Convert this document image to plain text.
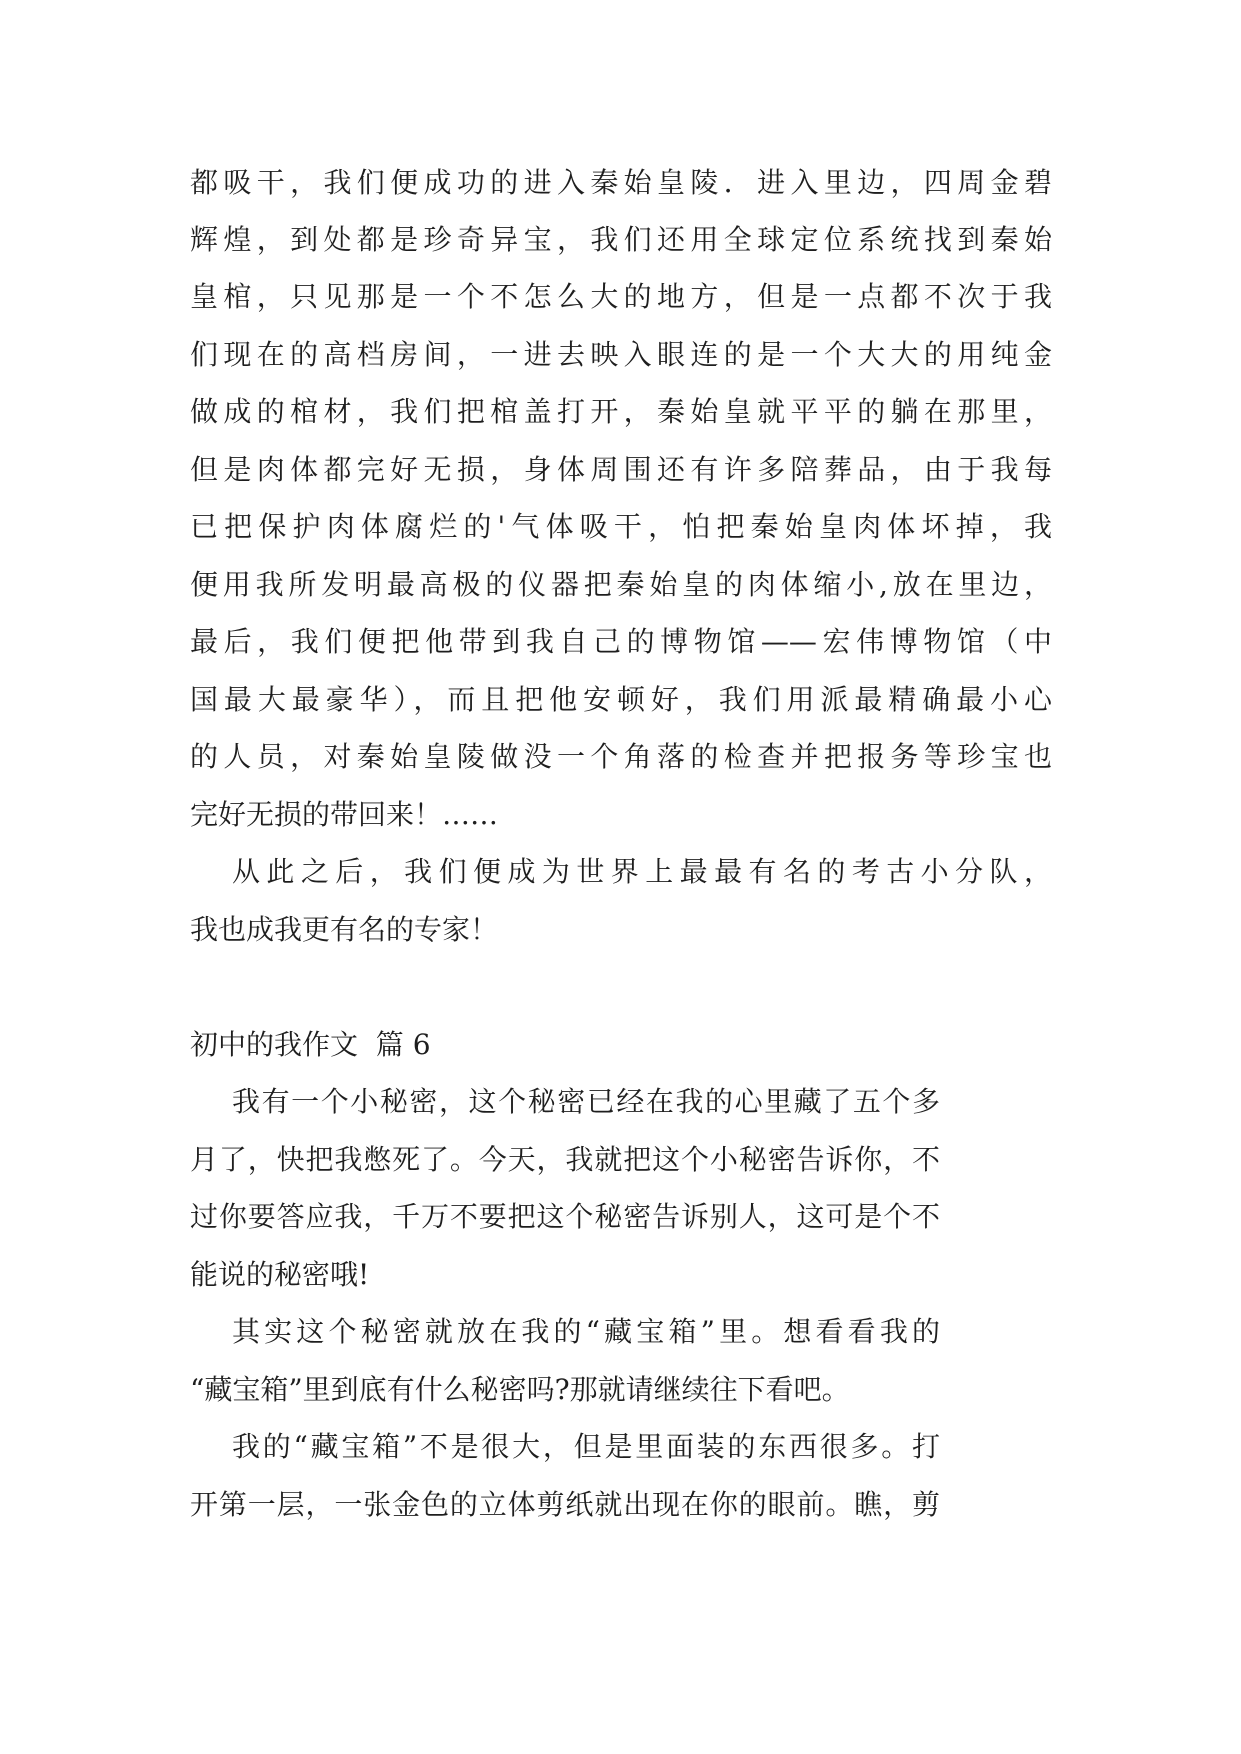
都吸干，我们便成功的进入秦始皇陵．进入里边，四周金碧
辉煌，到处都是珍奇异宝，我们还用全球定位系统找到秦始
皇棺，只见那是一个不怎么大的地方，但是一点都不次于我
们现在的高档房间，一进去映入眼连的是一个大大的用纯金
做成的棺材，我们把棺盖打开，秦始皇就平平的躺在那里，
但是肉体都完好无损，身体周围还有许多陪葬品，由于我每
已把保护肉体腐烂的'气体吸干，怕把秦始皇肉体坏掉，我
便用我所发明最高极的仪器把秦始皇的肉体缩小,放在里边，
最后，我们便把他带到我自己的博物馆——宏伟博物馆（中
国最大最豪华），而且把他安顿好，我们用派最精确最小心
的人员，对秦始皇陵做没一个角落的检查并把报务等珍宝也
完好无损的带回来！……
从此之后，我们便成为世界上最最有名的考古小分队，
我也成我更有名的专家！
初中的我作文  篇 6
我有一个小秘密，这个秘密已经在我的心里藏了五个多
月了，快把我憋死了。今天，我就把这个小秘密告诉你，不
过你要答应我，千万不要把这个秘密告诉别人，这可是个不
能说的秘密哦!
其实这个秘密就放在我的“藏宝箱”里。想看看我的
“藏宝箱”里到底有什么秘密吗?那就请继续往下看吧。
我的“藏宝箱”不是很大，但是里面装的东西很多。打
开第一层，一张金色的立体剪纸就出现在你的眼前。瞧，剪
